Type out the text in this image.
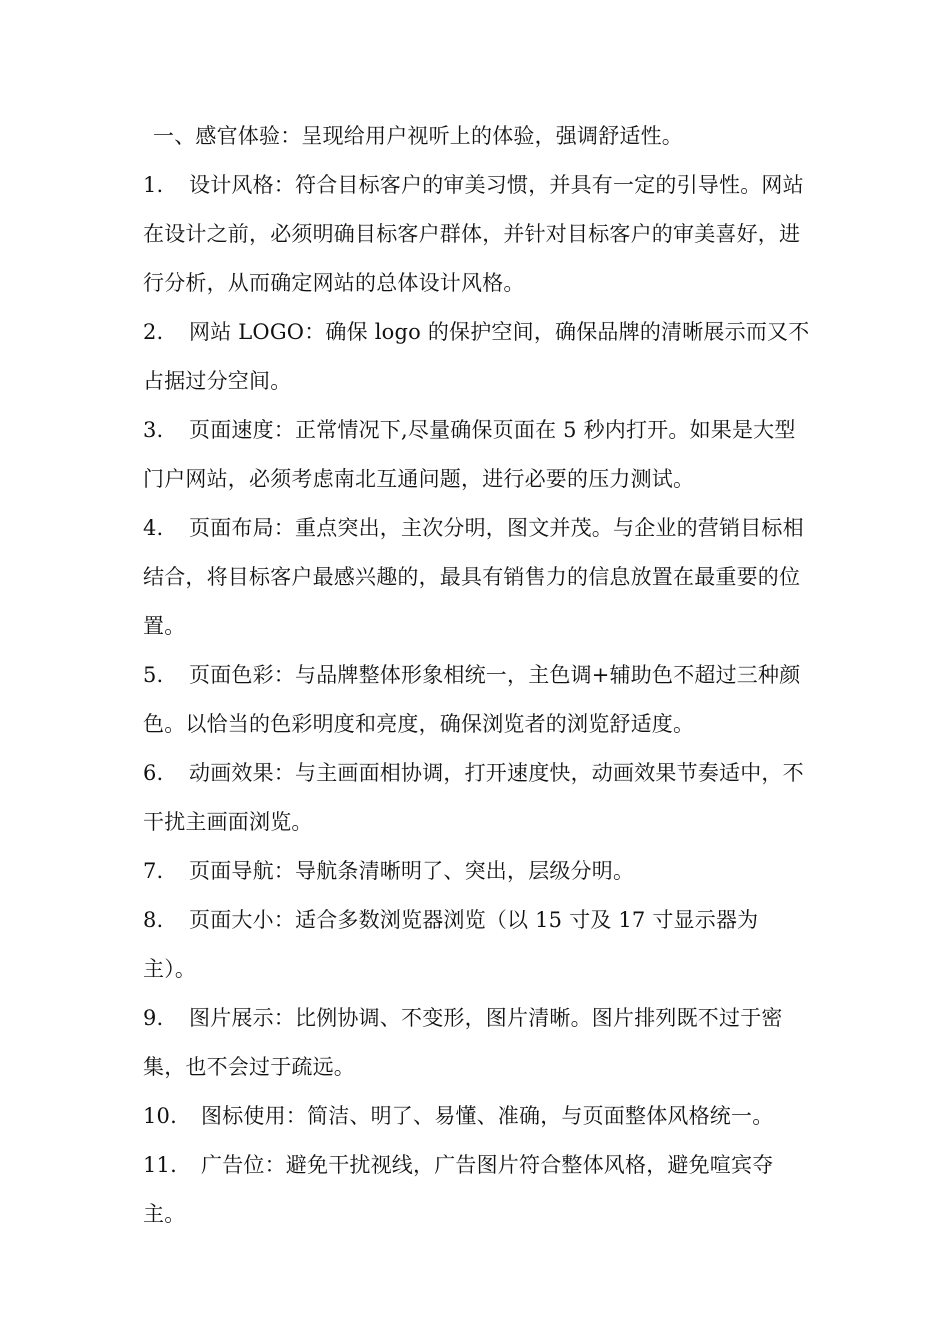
一、感官体验：呈现给用户视听上的体验，强调舒适性。

1. 设计风格：符合目标客户的审美习惯，并具有一定的引导性。网站在设计之前，必须明确目标客户群体，并针对目标客户的审美喜好，进行分析，从而确定网站的总体设计风格。

2. 网站 LOGO：确保 logo 的保护空间，确保品牌的清晰展示而又不占据过分空间。

3. 页面速度：正常情况下,尽量确保页面在 5 秒内打开。如果是大型门户网站，必须考虑南北互通问题，进行必要的压力测试。

4. 页面布局：重点突出，主次分明，图文并茂。与企业的营销目标相结合，将目标客户最感兴趣的，最具有销售力的信息放置在最重要的位置。

5. 页面色彩：与品牌整体形象相统一，主色调+辅助色不超过三种颜色。以恰当的色彩明度和亮度，确保浏览者的浏览舒适度。

6. 动画效果：与主画面相协调，打开速度快，动画效果节奏适中，不干扰主画面浏览。

7. 页面导航：导航条清晰明了、突出，层级分明。

8. 页面大小：适合多数浏览器浏览（以 15 寸及 17 寸显示器为主）。

9. 图片展示：比例协调、不变形，图片清晰。图片排列既不过于密集，也不会过于疏远。

10. 图标使用：简洁、明了、易懂、准确，与页面整体风格统一。

11. 广告位：避免干扰视线，广告图片符合整体风格，避免喧宾夺主。
